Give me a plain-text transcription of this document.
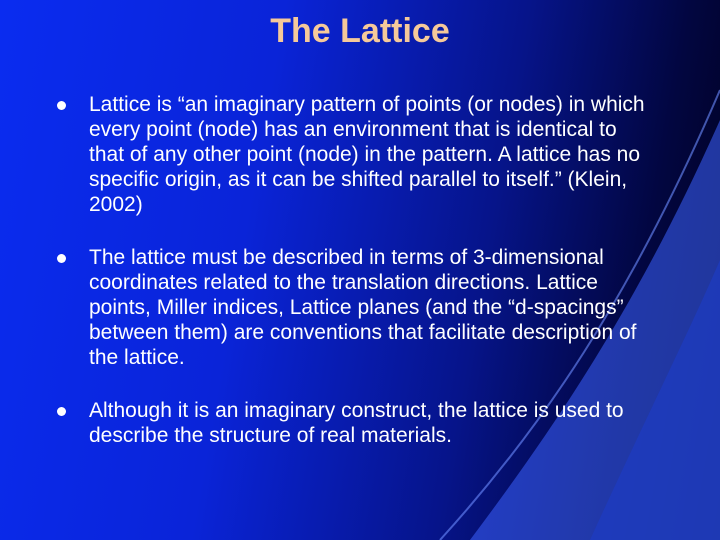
The Lattice
Lattice is “an imaginary pattern of points (or nodes) in which every point (node) has an environment that is identical to that of any other point (node) in the pattern. A lattice has no specific origin, as it can be shifted parallel to itself.” (Klein, 2002)
The lattice must be described in terms of 3-dimensional coordinates related to the translation directions. Lattice points, Miller indices, Lattice planes (and the “d-spacings” between them) are conventions that facilitate description of the lattice.
Although it is an imaginary construct, the lattice is used to describe the structure of real materials.
